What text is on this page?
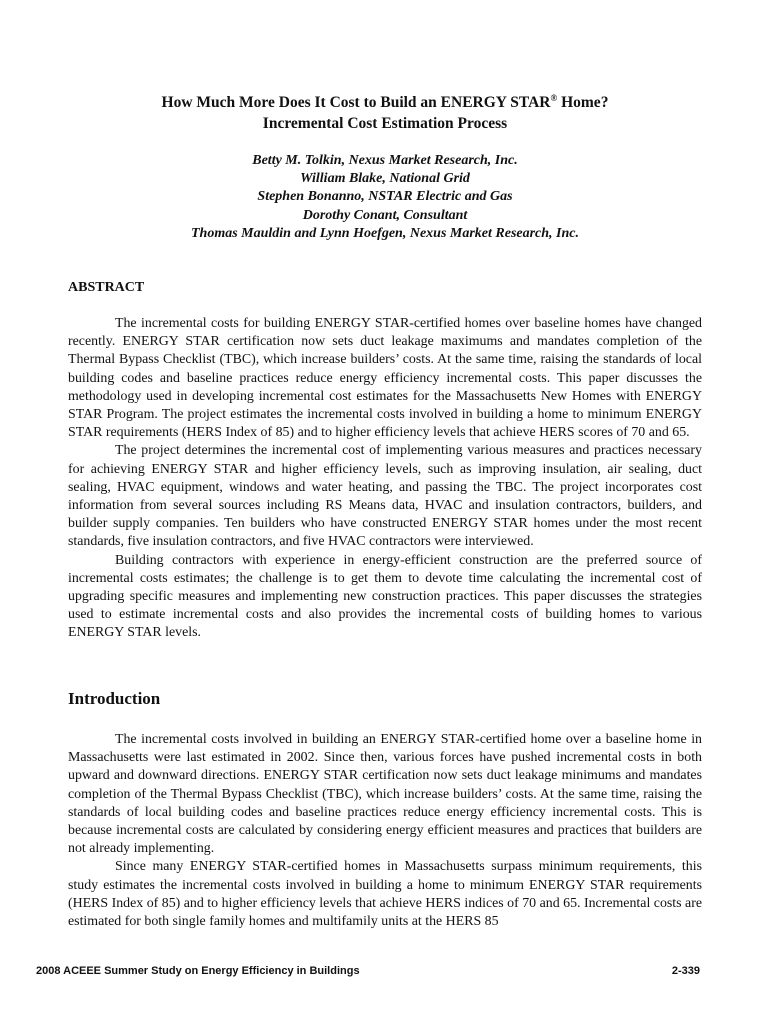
How Much More Does It Cost to Build an ENERGY STAR® Home?
Incremental Cost Estimation Process
Betty M. Tolkin, Nexus Market Research, Inc.
William Blake, National Grid
Stephen Bonanno, NSTAR Electric and Gas
Dorothy Conant, Consultant
Thomas Mauldin and Lynn Hoefgen, Nexus Market Research, Inc.
ABSTRACT

The incremental costs for building ENERGY STAR-certified homes over baseline homes have changed recently. ENERGY STAR certification now sets duct leakage maximums and mandates completion of the Thermal Bypass Checklist (TBC), which increase builders’ costs. At the same time, raising the standards of local building codes and baseline practices reduce energy efficiency incremental costs. This paper discusses the methodology used in developing incremental cost estimates for the Massachusetts New Homes with ENERGY STAR Program. The project estimates the incremental costs involved in building a home to minimum ENERGY STAR requirements (HERS Index of 85) and to higher efficiency levels that achieve HERS scores of 70 and 65.

The project determines the incremental cost of implementing various measures and practices necessary for achieving ENERGY STAR and higher efficiency levels, such as improving insulation, air sealing, duct sealing, HVAC equipment, windows and water heating, and passing the TBC. The project incorporates cost information from several sources including RS Means data, HVAC and insulation contractors, builders, and builder supply companies. Ten builders who have constructed ENERGY STAR homes under the most recent standards, five insulation contractors, and five HVAC contractors were interviewed.

Building contractors with experience in energy-efficient construction are the preferred source of incremental costs estimates; the challenge is to get them to devote time calculating the incremental cost of upgrading specific measures and implementing new construction practices. This paper discusses the strategies used to estimate incremental costs and also provides the incremental costs of building homes to various ENERGY STAR levels.

Introduction

The incremental costs involved in building an ENERGY STAR-certified home over a baseline home in Massachusetts were last estimated in 2002. Since then, various forces have pushed incremental costs in both upward and downward directions. ENERGY STAR certification now sets duct leakage minimums and mandates completion of the Thermal Bypass Checklist (TBC), which increase builders’ costs. At the same time, raising the standards of local building codes and baseline practices reduce energy efficiency incremental costs. This is because incremental costs are calculated by considering energy efficient measures and practices that builders are not already implementing.

Since many ENERGY STAR-certified homes in Massachusetts surpass minimum requirements, this study estimates the incremental costs involved in building a home to minimum ENERGY STAR requirements (HERS Index of 85) and to higher efficiency levels that achieve HERS indices of 70 and 65. Incremental costs are estimated for both single family homes and multifamily units at the HERS 85

2008 ACEEE Summer Study on Energy Efficiency in Buildings	2-339
